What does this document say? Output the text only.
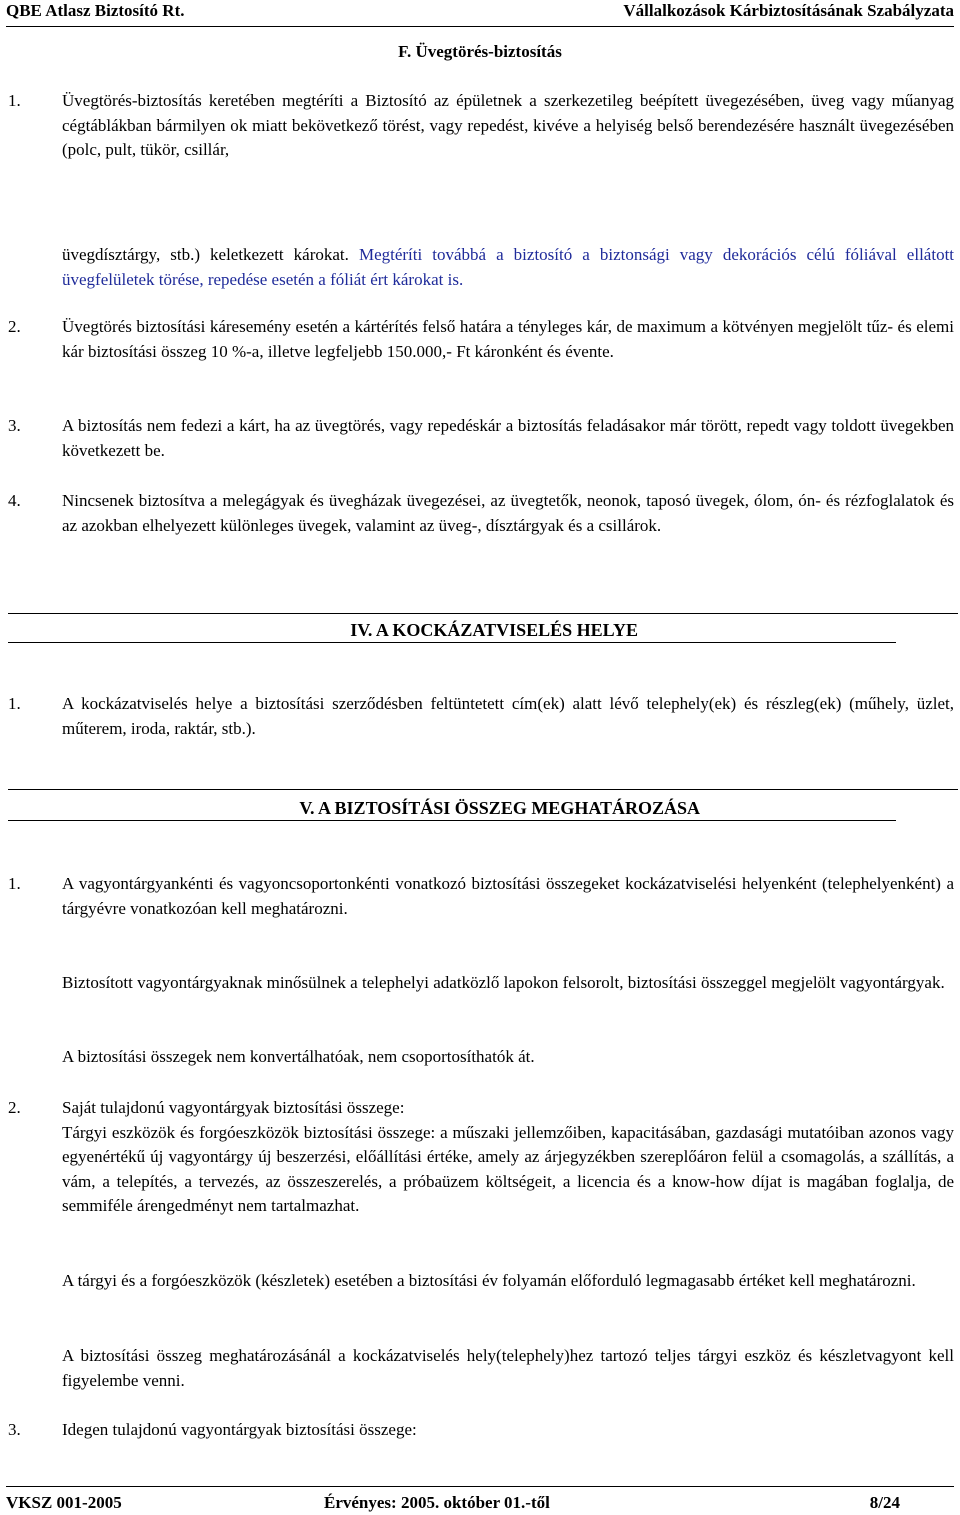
QBE Atlasz Biztosító Rt.	Vállalkozások Kárbiztosításának Szabályzata
F. Üvegtörés-biztosítás
1. Üvegtörés-biztosítás keretében megtéríti a Biztosító az épületnek a szerkezetileg beépített üvegezésében, üveg vagy műanyag cégtáblákban bármilyen ok miatt bekövetkező törést, vagy repedést, kivéve a helyiség belső berendezésére használt üvegezésében (polc, pult, tükör, csillár,
üvegdísztárgy, stb.) keletkezett károkat. Megtéríti továbbá a biztosító a biztonsági vagy dekorációs célú fóliával ellátott üvegfelületek törése, repedése esetén a fóliát ért károkat is.
2. Üvegtörés biztosítási káresemény esetén a kártérítés felső határa a tényleges kár, de maximum a kötvényen megjelölt tűz- és elemi kár biztosítási összeg 10 %-a, illetve legfeljebb 150.000,- Ft káronként és évente.
3. A biztosítás nem fedezi a kárt, ha az üvegtörés, vagy repedéskár a biztosítás feladásakor már törött, repedt vagy toldott üvegekben következett be.
4. Nincsenek biztosítva a melegágyak és üvegházak üvegezései, az üvegtetők, neonok, taposó üvegek, ólom, ón- és rézfoglalatok és az azokban elhelyezett különleges üvegek, valamint az üveg-, dísztárgyak és a csillárok.
IV. A KOCKÁZATVISELÉS HELYE
1. A kockázatviselés helye a biztosítási szerződésben feltüntetett cím(ek) alatt lévő telephely(ek) és részleg(ek) (műhely, üzlet, műterem, iroda, raktár, stb.).
V. A BIZTOSÍTÁSI ÖSSZEG MEGHATÁROZÁSA
1. A vagyontárgyankénti és vagyoncsoportonkénti vonatkozó biztosítási összegeket kockázatviselési helyenként (telephelyenként) a tárgyévre vonatkozóan kell meghatározni.
Biztosított vagyontárgyaknak minősülnek a telephelyi adatközlő lapokon felsorolt, biztosítási összeggel megjelölt vagyontárgyak.
A biztosítási összegek nem konvertálhatóak, nem csoportosíthatók át.
2. Saját tulajdonú vagyontárgyak biztosítási összege:
Tárgyi eszközök és forgóeszközök biztosítási összege: a műszaki jellemzőiben, kapacitásában, gazdasági mutatóiban azonos vagy egyenértékű új vagyontárgy új beszerzési, előállítási értéke, amely az árjegyzékben szereplőáron felül a csomagolás, a szállítás, a vám, a telepítés, a tervezés, az összeszerelés, a próbaüzem költségeit, a licencia és a know-how díjat is magában foglalja, de semmiféle árengedményt nem tartalmazhat.
A tárgyi és a forgóeszközök (készletek) esetében a biztosítási év folyamán előforduló legmagasabb értéket kell meghatározni.
A biztosítási összeg meghatározásánál a kockázatviselés hely(telephely)hez tartozó teljes tárgyi eszköz és készletvagyont kell figyelembe venni.
3. Idegen tulajdonú vagyontárgyak biztosítási összege:
VKSZ 001-2005	Érvényes: 2005. október 01.-től	8/24
